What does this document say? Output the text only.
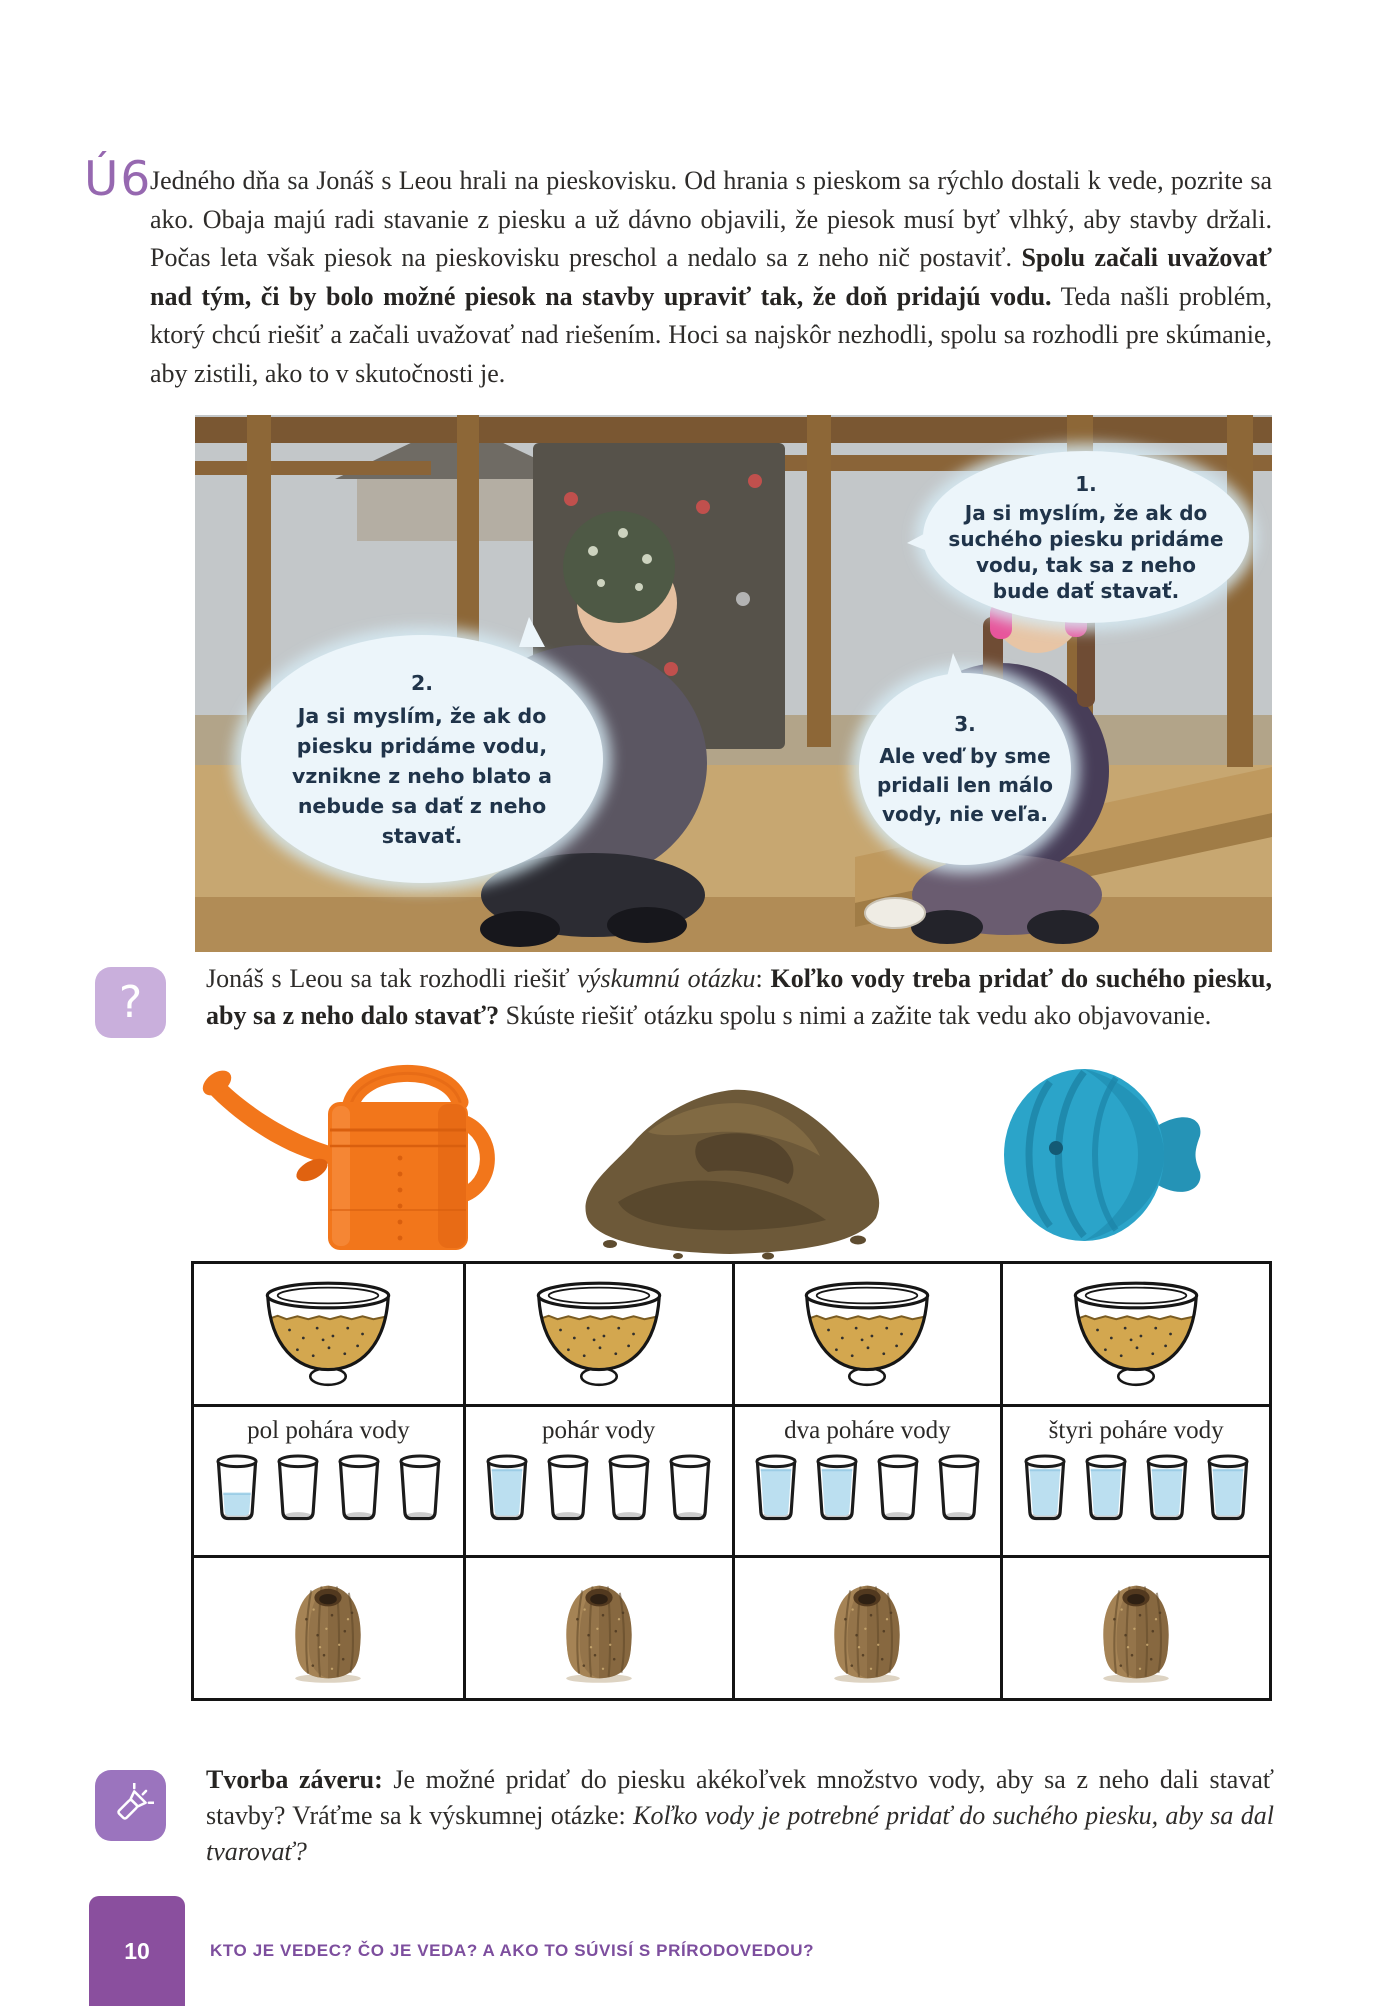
Ú6

Jedného dňa sa Jonáš s Leou hrali na pieskovisku. Od hrania s pieskom sa rýchlo dostali k vede, pozrite sa ako. Obaja majú radi stavanie z piesku a už dávno objavili, že piesok musí byť vlhký, aby stavby držali. Počas leta však piesok na pieskovisku preschol a nedalo sa z neho nič postaviť. Spolu začali uvažovať nad tým, či by bolo možné piesok na stavby upraviť tak, že doň pridajú vodu. Teda našli problém, ktorý chcú riešiť a začali uvažovať nad riešením. Hoci sa najskôr nezhodli, spolu sa rozhodli pre skúmanie, aby zistili, ako to v skutočnosti je.

1.
Ja si myslím, že ak do suchého piesku pridáme vodu, tak sa z neho bude dať stavať.
2.
Ja si myslím, že ak do piesku pridáme vodu, vznikne z neho blato a nebude sa dať z neho stavať.
3.
Ale veď by sme pridali len málo vody, nie veľa.
? Jonáš s Leou sa tak rozhodli riešiť výskumnú otázku: Koľko vody treba pridať do suchého piesku, aby sa z neho dalo stavať? Skúste riešiť otázku spolu s nimi a zažite tak vedu ako objavovanie.

pol pohára vody	pohár vody	dva poháre vody	štyri poháre vody

Tvorba záveru: Je možné pridať do piesku akékoľvek množstvo vody, aby sa z neho dali stavať stavby? Vráťme sa k výskumnej otázke: Koľko vody je potrebné pridať do suchého piesku, aby sa dal tvarovať?

10	KTO JE VEDEC? ČO JE VEDA? A AKO TO SÚVISÍ S PRÍRODOVEDOU?
